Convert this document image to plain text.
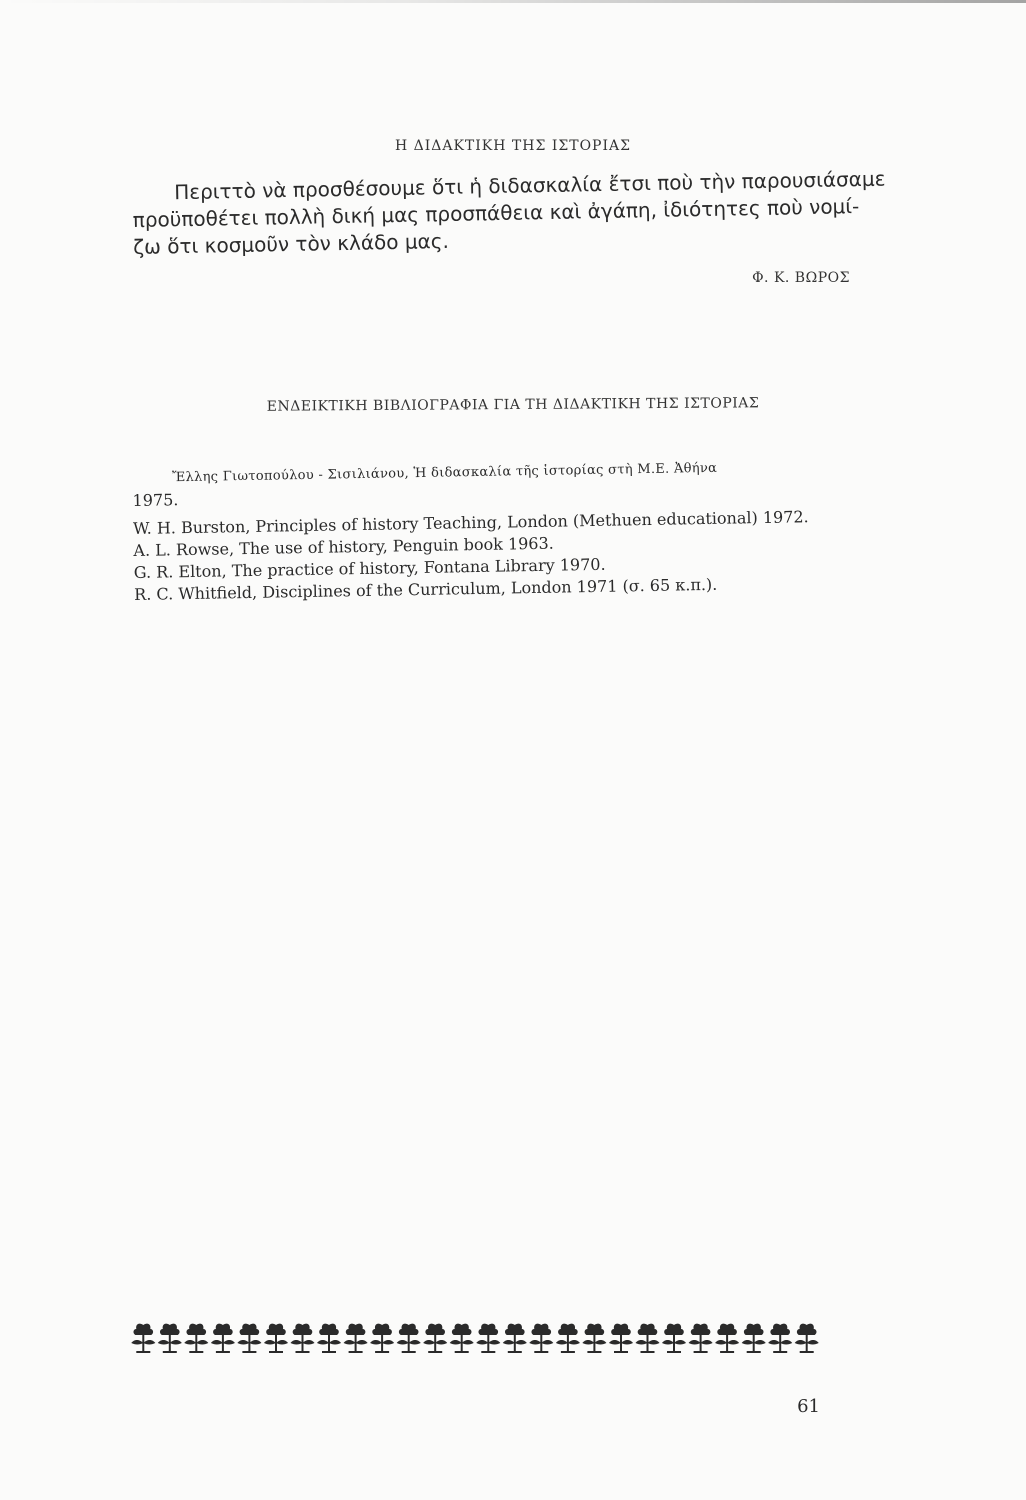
Η ΔΙΔΑΚΤΙΚΗ ΤΗΣ ΙΣΤΟΡΙΑΣ
Περιττὸ νὰ προσθέσουμε ὅτι ἡ διδασκαλία ἔτσι ποὺ τὴν παρουσιάσαμε
προϋποθέτει πολλὴ δική μας προσπάθεια καὶ ἀγάπη, ἰδιότητες ποὺ νομί-
ζω ὅτι κοσμοῦν τὸν κλάδο μας.
Φ. Κ. ΒΩΡΟΣ
ΕΝΔΕΙΚΤΙΚΗ ΒΙΒΛΙΟΓΡΑΦΙΑ ΓΙΑ ΤΗ ΔΙΔΑΚΤΙΚΗ ΤΗΣ ΙΣΤΟΡΙΑΣ
Ἔλλης Γιωτοπούλου - Σισιλιάνου, Ἡ διδασκαλία τῆς ἱστορίας στὴ Μ.Ε. Ἀθήνα
1975.
W. H. Burston, Principles of history Teaching, London (Methuen educational) 1972.
A. L. Rowse, The use of history, Penguin book 1963.
G. R. Elton, The practice of history, Fontana Library 1970.
R. C. Whitfield, Disciplines of the Curriculum, London 1971 (σ. 65 κ.π.).
61
